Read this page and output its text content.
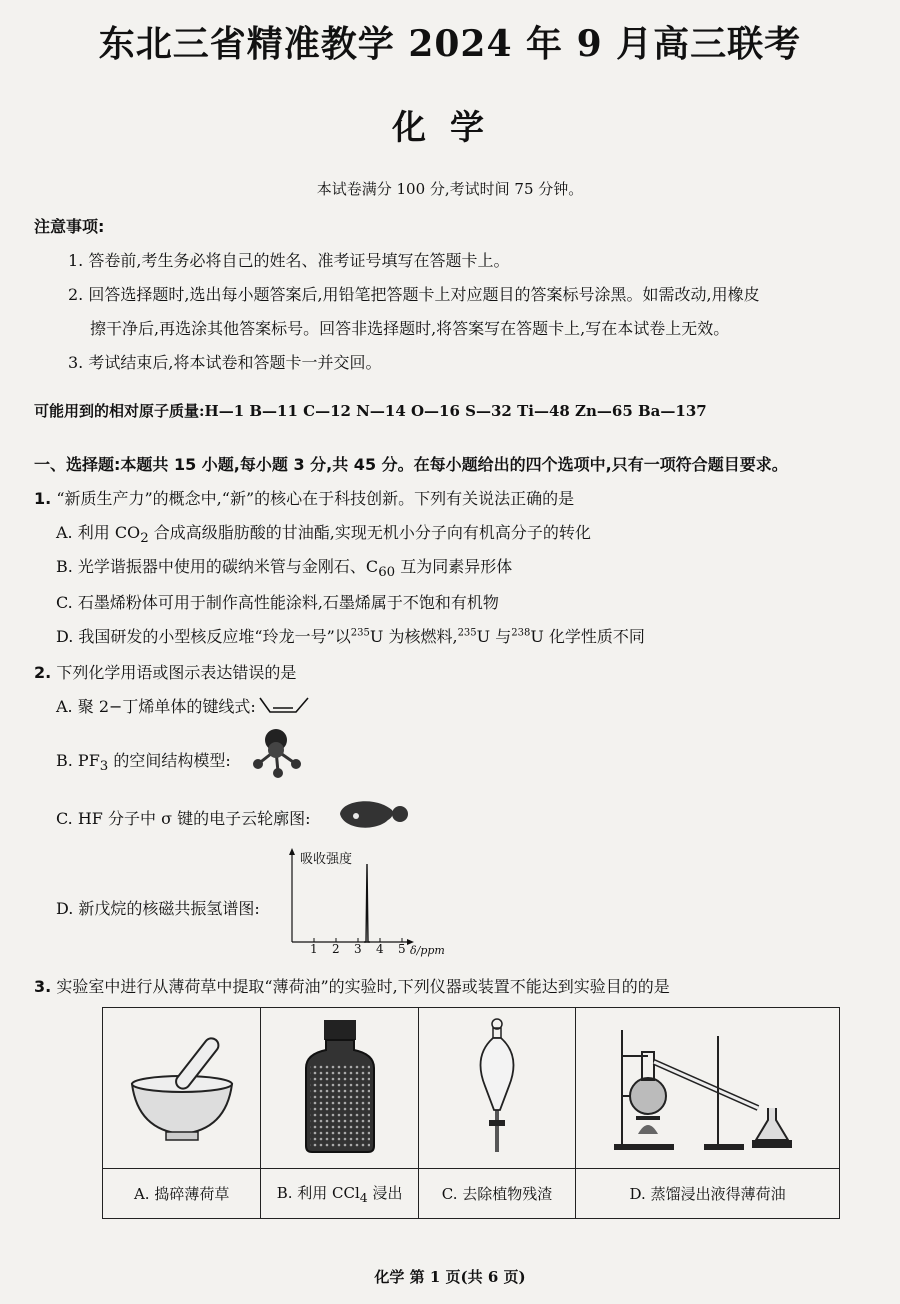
东北三省精准教学 2024 年 9 月高三联考
化学
本试卷满分 100 分,考试时间 75 分钟。
注意事项:
1. 答卷前,考生务必将自己的姓名、准考证号填写在答题卡上。
2. 回答选择题时,选出每小题答案后,用铅笔把答题卡上对应题目的答案标号涂黑。如需改动,用橡皮
擦干净后,再选涂其他答案标号。回答非选择题时,将答案写在答题卡上,写在本试卷上无效。
3. 考试结束后,将本试卷和答题卡一并交回。
可能用到的相对原子质量:H—1 B—11 C—12 N—14 O—16 S—32 Ti—48 Zn—65 Ba—137
一、选择题:本题共 15 小题,每小题 3 分,共 45 分。在每小题给出的四个选项中,只有一项符合题目要求。
1. “新质生产力”的概念中,“新”的核心在于科技创新。下列有关说法正确的是
A. 利用 $CO_2$ 合成高级脂肪酸的甘油酯,实现无机小分子向有机高分子的转化
B. 光学谐振器中使用的碳纳米管与金刚石、$C_{60}$ 互为同素异形体
C. 石墨烯粉体可用于制作高性能涂料,石墨烯属于不饱和有机物
D. 我国研发的小型核反应堆“玲龙一号”以$^{235}$U 为核燃料,$^{235}$U 与$^{238}$U 化学性质不同
2. 下列化学用语或图示表达错误的是
A. 聚 2−丁烯单体的键线式:
B. $PF_3$ 的空间结构模型:
C. HF 分子中 σ 键的电子云轮廓图:
D. 新戊烷的核磁共振氢谱图:
吸收强度
1 2 3 4 5 δ/ppm
3. 实验室中进行从薄荷草中提取“薄荷油”的实验时,下列仪器或装置不能达到实验目的的是

A. 捣碎薄荷草	B. 利用 CCl$_4$ 浸出	C. 去除植物残渣	D. 蒸馏浸出液得薄荷油
化学 第 1 页(共 6 页)
